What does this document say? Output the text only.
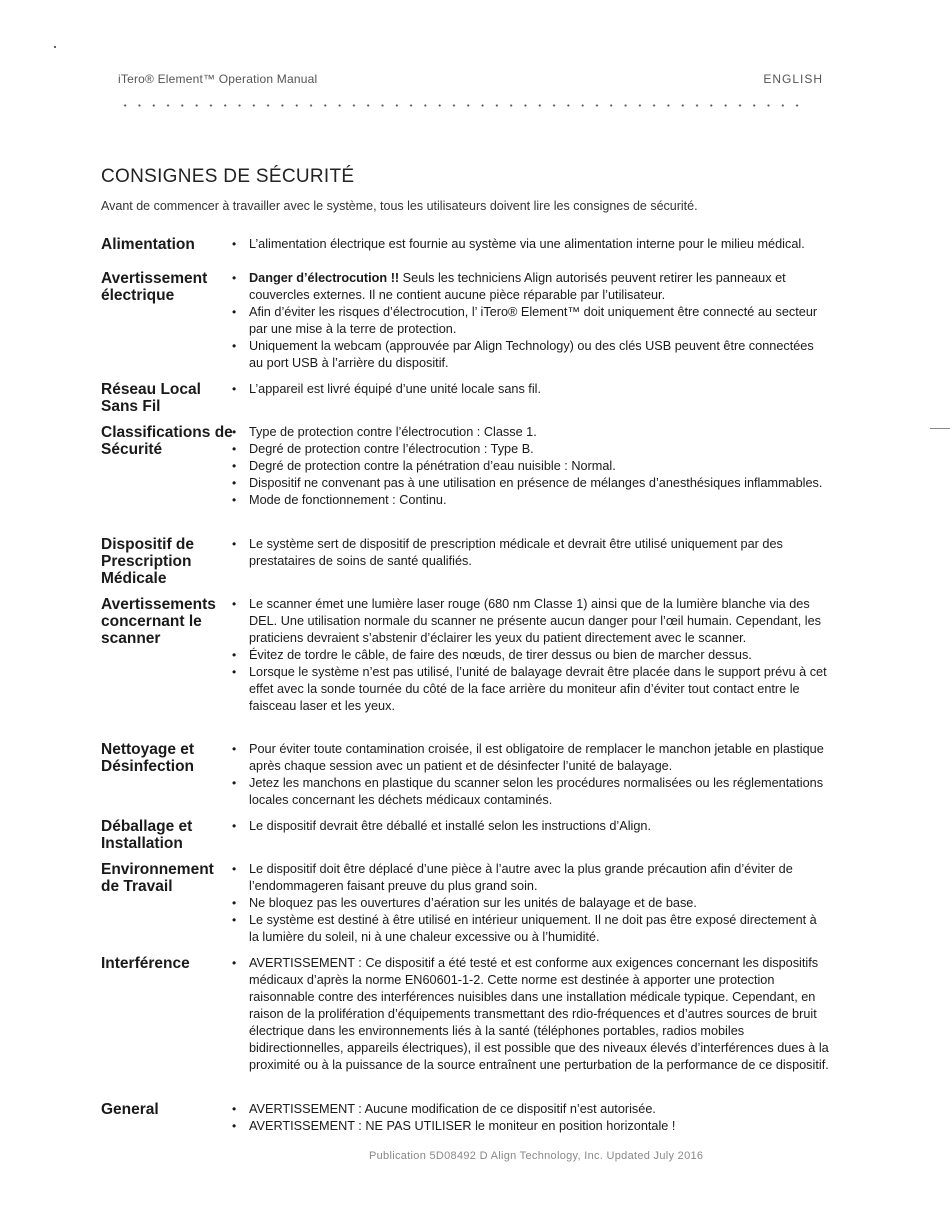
iTero® Element™ Operation Manual	ENGLISH
CONSIGNES DE SÉCURITÉ
Avant de commencer à travailler avec le système, tous les utilisateurs doivent lire les consignes de sécurité.
Alimentation	• L’alimentation électrique est fournie au système via une alimentation interne pour le milieu médical.
Avertissement électrique
• Danger d’électrocution !! Seuls les techniciens Align autorisés peuvent retirer les panneaux et couvercles externes. Il ne contient aucune pièce réparable par l’utilisateur.
• Afin d’éviter les risques d’électrocution, l’ iTero® Element™ doit uniquement être connecté au secteur par une mise à la terre de protection.
• Uniquement la webcam (approuvée par Align Technology) ou des clés USB peuvent être connectées au port USB à l’arrière du dispositif.
Réseau Local Sans Fil
• L’appareil est livré équipé d’une unité locale sans fil.
Classifications de Sécurité
• Type de protection contre l’électrocution : Classe 1.
• Degré de protection contre l’électrocution : Type B.
• Degré de protection contre la pénétration d’eau nuisible : Normal.
• Dispositif ne convenant pas à une utilisation en présence de mélanges d’anesthésiques inflammables.
• Mode de fonctionnement : Continu.
Dispositif de Prescription Médicale
• Le système sert de dispositif de prescription médicale et devrait être utilisé uniquement par des prestataires de soins de santé qualifiés.
Avertissements concernant le scanner
• Le scanner émet une lumière laser rouge (680 nm Classe 1) ainsi que de la lumière blanche via des DEL. Une utilisation normale du scanner ne présente aucun danger pour l’œil humain. Cependant, les praticiens devraient s’abstenir d’éclairer les yeux du patient directement avec le scanner.
• Évitez de tordre le câble, de faire des nœuds, de tirer dessus ou bien de marcher dessus.
• Lorsque le système n’est pas utilisé, l’unité de balayage devrait être placée dans le support prévu à cet effet avec la sonde tournée du côté de la face arrière du moniteur afin d’éviter tout contact entre le faisceau laser et les yeux.
Nettoyage et Désinfection
• Pour éviter toute contamination croisée, il est obligatoire de remplacer le manchon jetable en plastique après chaque session avec un patient et de désinfecter l’unité de balayage.
• Jetez les manchons en plastique du scanner selon les procédures normalisées ou les réglementations locales concernant les déchets médicaux contaminés.
Déballage et Installation
• Le dispositif devrait être déballé et installé selon les instructions d’Align.
Environnement de Travail
• Le dispositif doit être déplacé d’une pièce à l’autre avec la plus grande précaution afin d’éviter de l’endommageren faisant preuve du plus grand soin.
• Ne bloquez pas les ouvertures d’aération sur les unités de balayage et de base.
• Le système est destiné à être utilisé en intérieur uniquement. Il ne doit pas être exposé directement à la lumière du soleil, ni à une chaleur excessive ou à l’humidité.
Interférence	• AVERTISSEMENT : Ce dispositif a été testé et est conforme aux exigences concernant les dispositifs médicaux d’après la norme EN60601-1-2. Cette norme est destinée à apporter une protection raisonnable contre des interférences nuisibles dans une installation médicale typique. Cependant, en raison de la prolifération d’équipements transmettant des rdio-fréquences et d’autres sources de bruit électrique dans les environnements liés à la santé (téléphones portables, radios mobiles bidirectionnelles, appareils électriques), il est possible que des niveaux élevés d’interférences dues à la proximité ou à la puissance de la source entraînent une perturbation de la performance de ce dispositif.
General	• AVERTISSEMENT : Aucune modification de ce dispositif n’est autorisée.
• AVERTISSEMENT : NE PAS UTILISER le moniteur en position horizontale !
Publication 5D08492 D Align Technology, Inc. Updated July 2016
